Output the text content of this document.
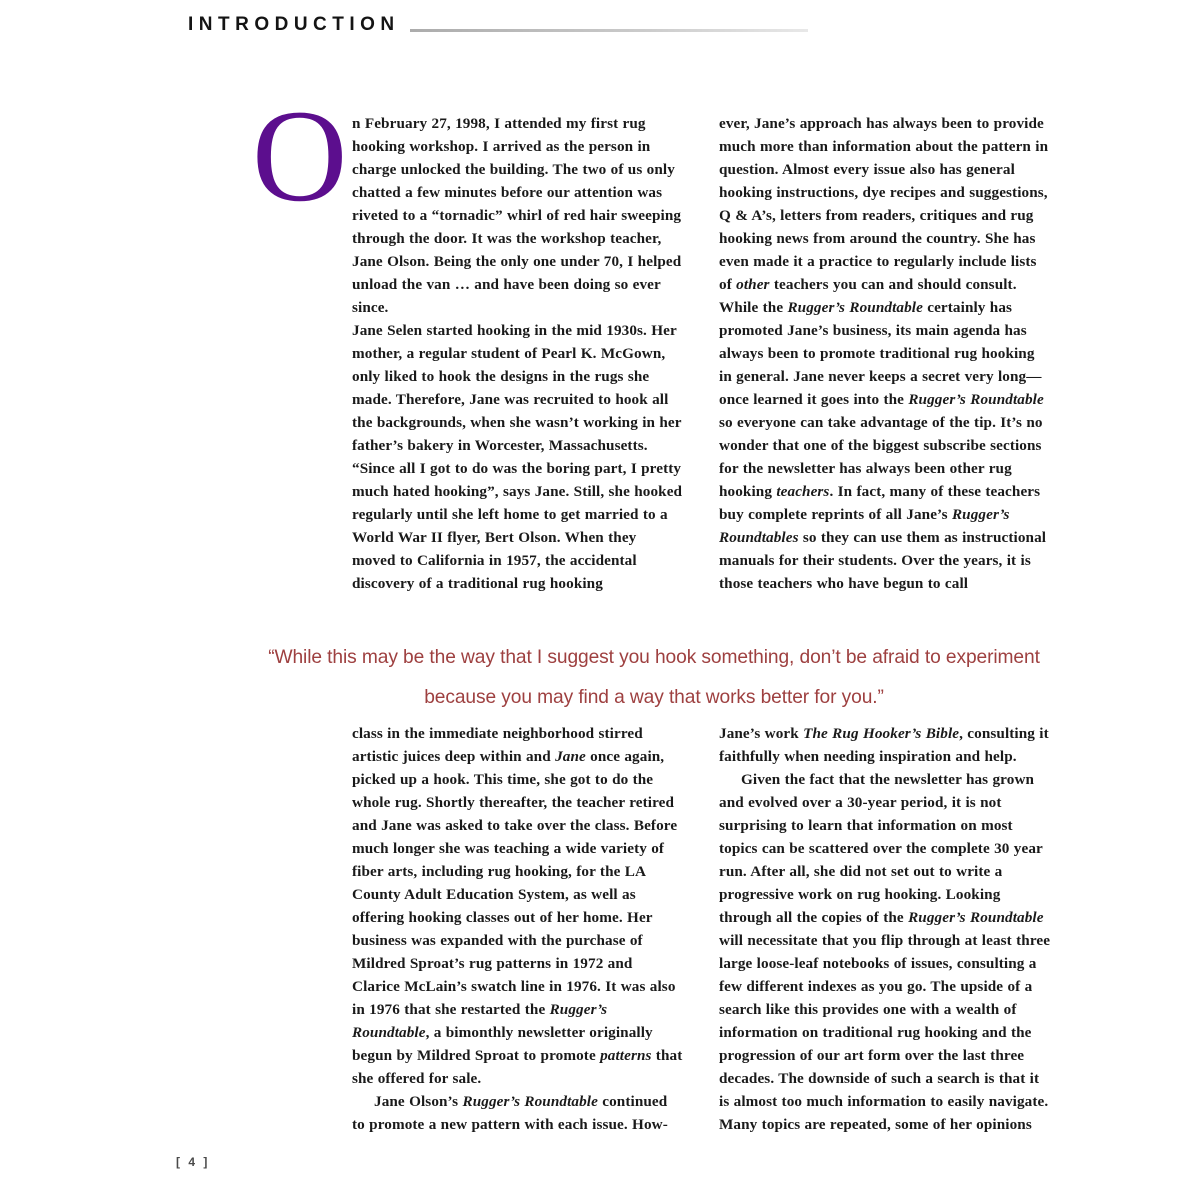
INTRODUCTION
O n February 27, 1998, I attended my first rug hooking workshop. I arrived as the person in charge unlocked the building. The two of us only chatted a few minutes before our attention was riveted to a “tornadic” whirl of red hair sweeping through the door. It was the workshop teacher, Jane Olson. Being the only one under 70, I helped unload the van … and have been doing so ever since.

Jane Selen started hooking in the mid 1930s. Her mother, a regular student of Pearl K. McGown, only liked to hook the designs in the rugs she made. Therefore, Jane was recruited to hook all the backgrounds, when she wasn’t working in her father’s bakery in Worcester, Massachusetts. “Since all I got to do was the boring part, I pretty much hated hooking”, says Jane. Still, she hooked regularly until she left home to get married to a World War II flyer, Bert Olson. When they moved to California in 1957, the accidental discovery of a traditional rug hooking

ever, Jane’s approach has always been to provide much more than information about the pattern in question. Almost every issue also has general hooking instructions, dye recipes and suggestions, Q & A’s, letters from readers, critiques and rug hooking news from around the country. She has even made it a practice to regularly include lists of other teachers you can and should consult. While the Rugger’s Roundtable certainly has promoted Jane’s business, its main agenda has always been to promote traditional rug hooking in general. Jane never keeps a secret very long—once learned it goes into the Rugger’s Roundtable so everyone can take advantage of the tip. It’s no wonder that one of the biggest subscribe sections for the newsletter has always been other rug hooking teachers. In fact, many of these teachers buy complete reprints of all Jane’s Rugger’s Roundtables so they can use them as instructional manuals for their students. Over the years, it is those teachers who have begun to call

“While this may be the way that I suggest you hook something, don’t be afraid to experiment because you may find a way that works better for you.”

class in the immediate neighborhood stirred artistic juices deep within and Jane once again, picked up a hook. This time, she got to do the whole rug. Shortly thereafter, the teacher retired and Jane was asked to take over the class. Before much longer she was teaching a wide variety of fiber arts, including rug hooking, for the LA County Adult Education System, as well as offering hooking classes out of her home. Her business was expanded with the purchase of Mildred Sproat’s rug patterns in 1972 and Clarice McLain’s swatch line in 1976. It was also in 1976 that she restarted the Rugger’s Roundtable, a bimonthly newsletter originally begun by Mildred Sproat to promote patterns that she offered for sale.

Jane Olson’s Rugger’s Roundtable continued to promote a new pattern with each issue. How-

Jane’s work The Rug Hooker’s Bible, consulting it faithfully when needing inspiration and help.

Given the fact that the newsletter has grown and evolved over a 30-year period, it is not surprising to learn that information on most topics can be scattered over the complete 30 year run. After all, she did not set out to write a progressive work on rug hooking. Looking through all the copies of the Rugger’s Roundtable will necessitate that you flip through at least three large loose-leaf notebooks of issues, consulting a few different indexes as you go. The upside of a search like this provides one with a wealth of information on traditional rug hooking and the progression of our art form over the last three decades. The downside of such a search is that it is almost too much information to easily navigate. Many topics are repeated, some of her opinions

[ 4 ]
